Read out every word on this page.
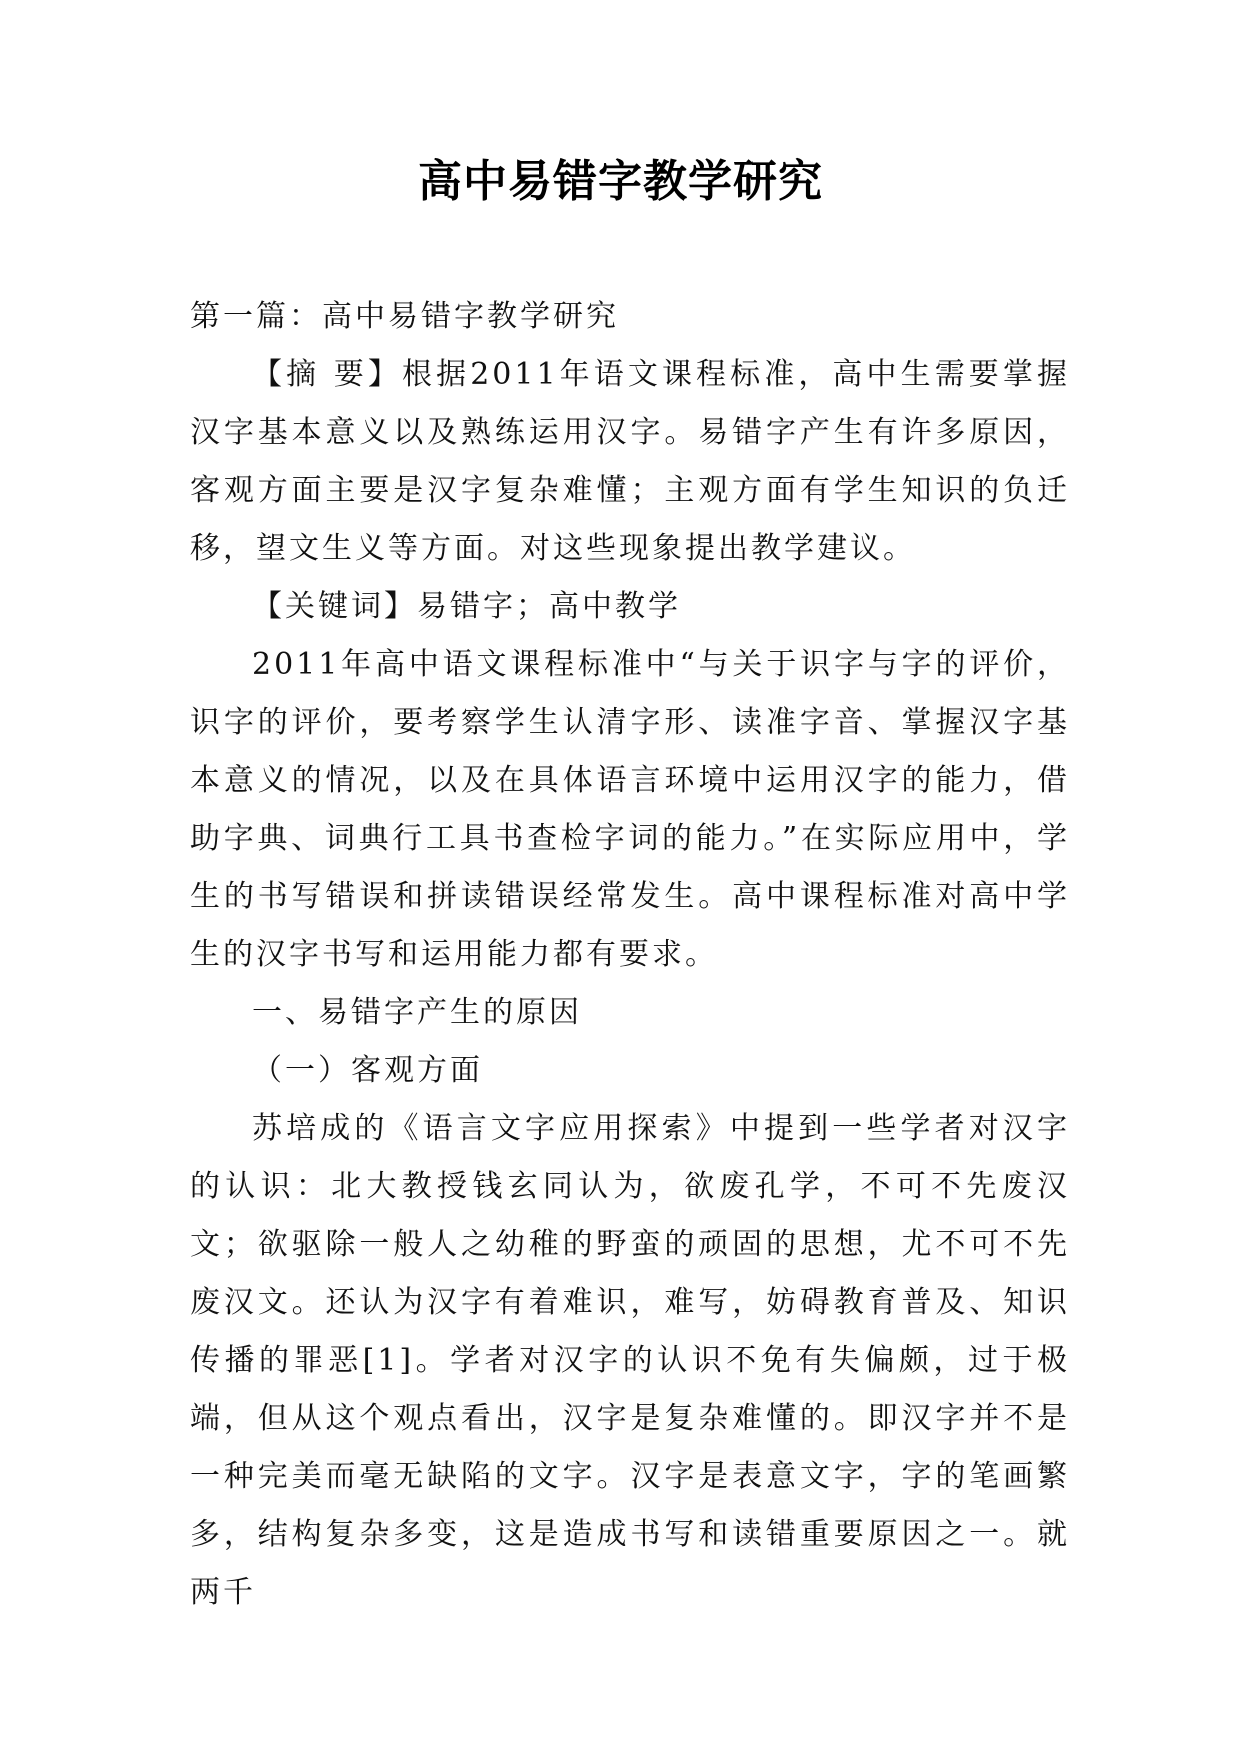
高中易错字教学研究

第一篇：高中易错字教学研究

【摘 要】根据2011年语文课程标准，高中生需要掌握汉字基本意义以及熟练运用汉字。易错字产生有许多原因，客观方面主要是汉字复杂难懂；主观方面有学生知识的负迁移，望文生义等方面。对这些现象提出教学建议。

【关键词】易错字；高中教学

2011年高中语文课程标准中“与关于识字与字的评价，识字的评价，要考察学生认清字形、读准字音、掌握汉字基本意义的情况，以及在具体语言环境中运用汉字的能力，借助字典、词典行工具书查检字词的能力。”在实际应用中，学生的书写错误和拼读错误经常发生。高中课程标准对高中学生的汉字书写和运用能力都有要求。

一、易错字产生的原因

（一）客观方面

苏培成的《语言文字应用探索》中提到一些学者对汉字的认识：北大教授钱玄同认为，欲废孔学，不可不先废汉文；欲驱除一般人之幼稚的野蛮的顽固的思想，尤不可不先废汉文。还认为汉字有着难识，难写，妨碍教育普及、知识传播的罪恶[1]。学者对汉字的认识不免有失偏颇，过于极端，但从这个观点看出，汉字是复杂难懂的。即汉字并不是一种完美而毫无缺陷的文字。汉字是表意文字，字的笔画繁多，结构复杂多变，这是造成书写和读错重要原因之一。就两千
